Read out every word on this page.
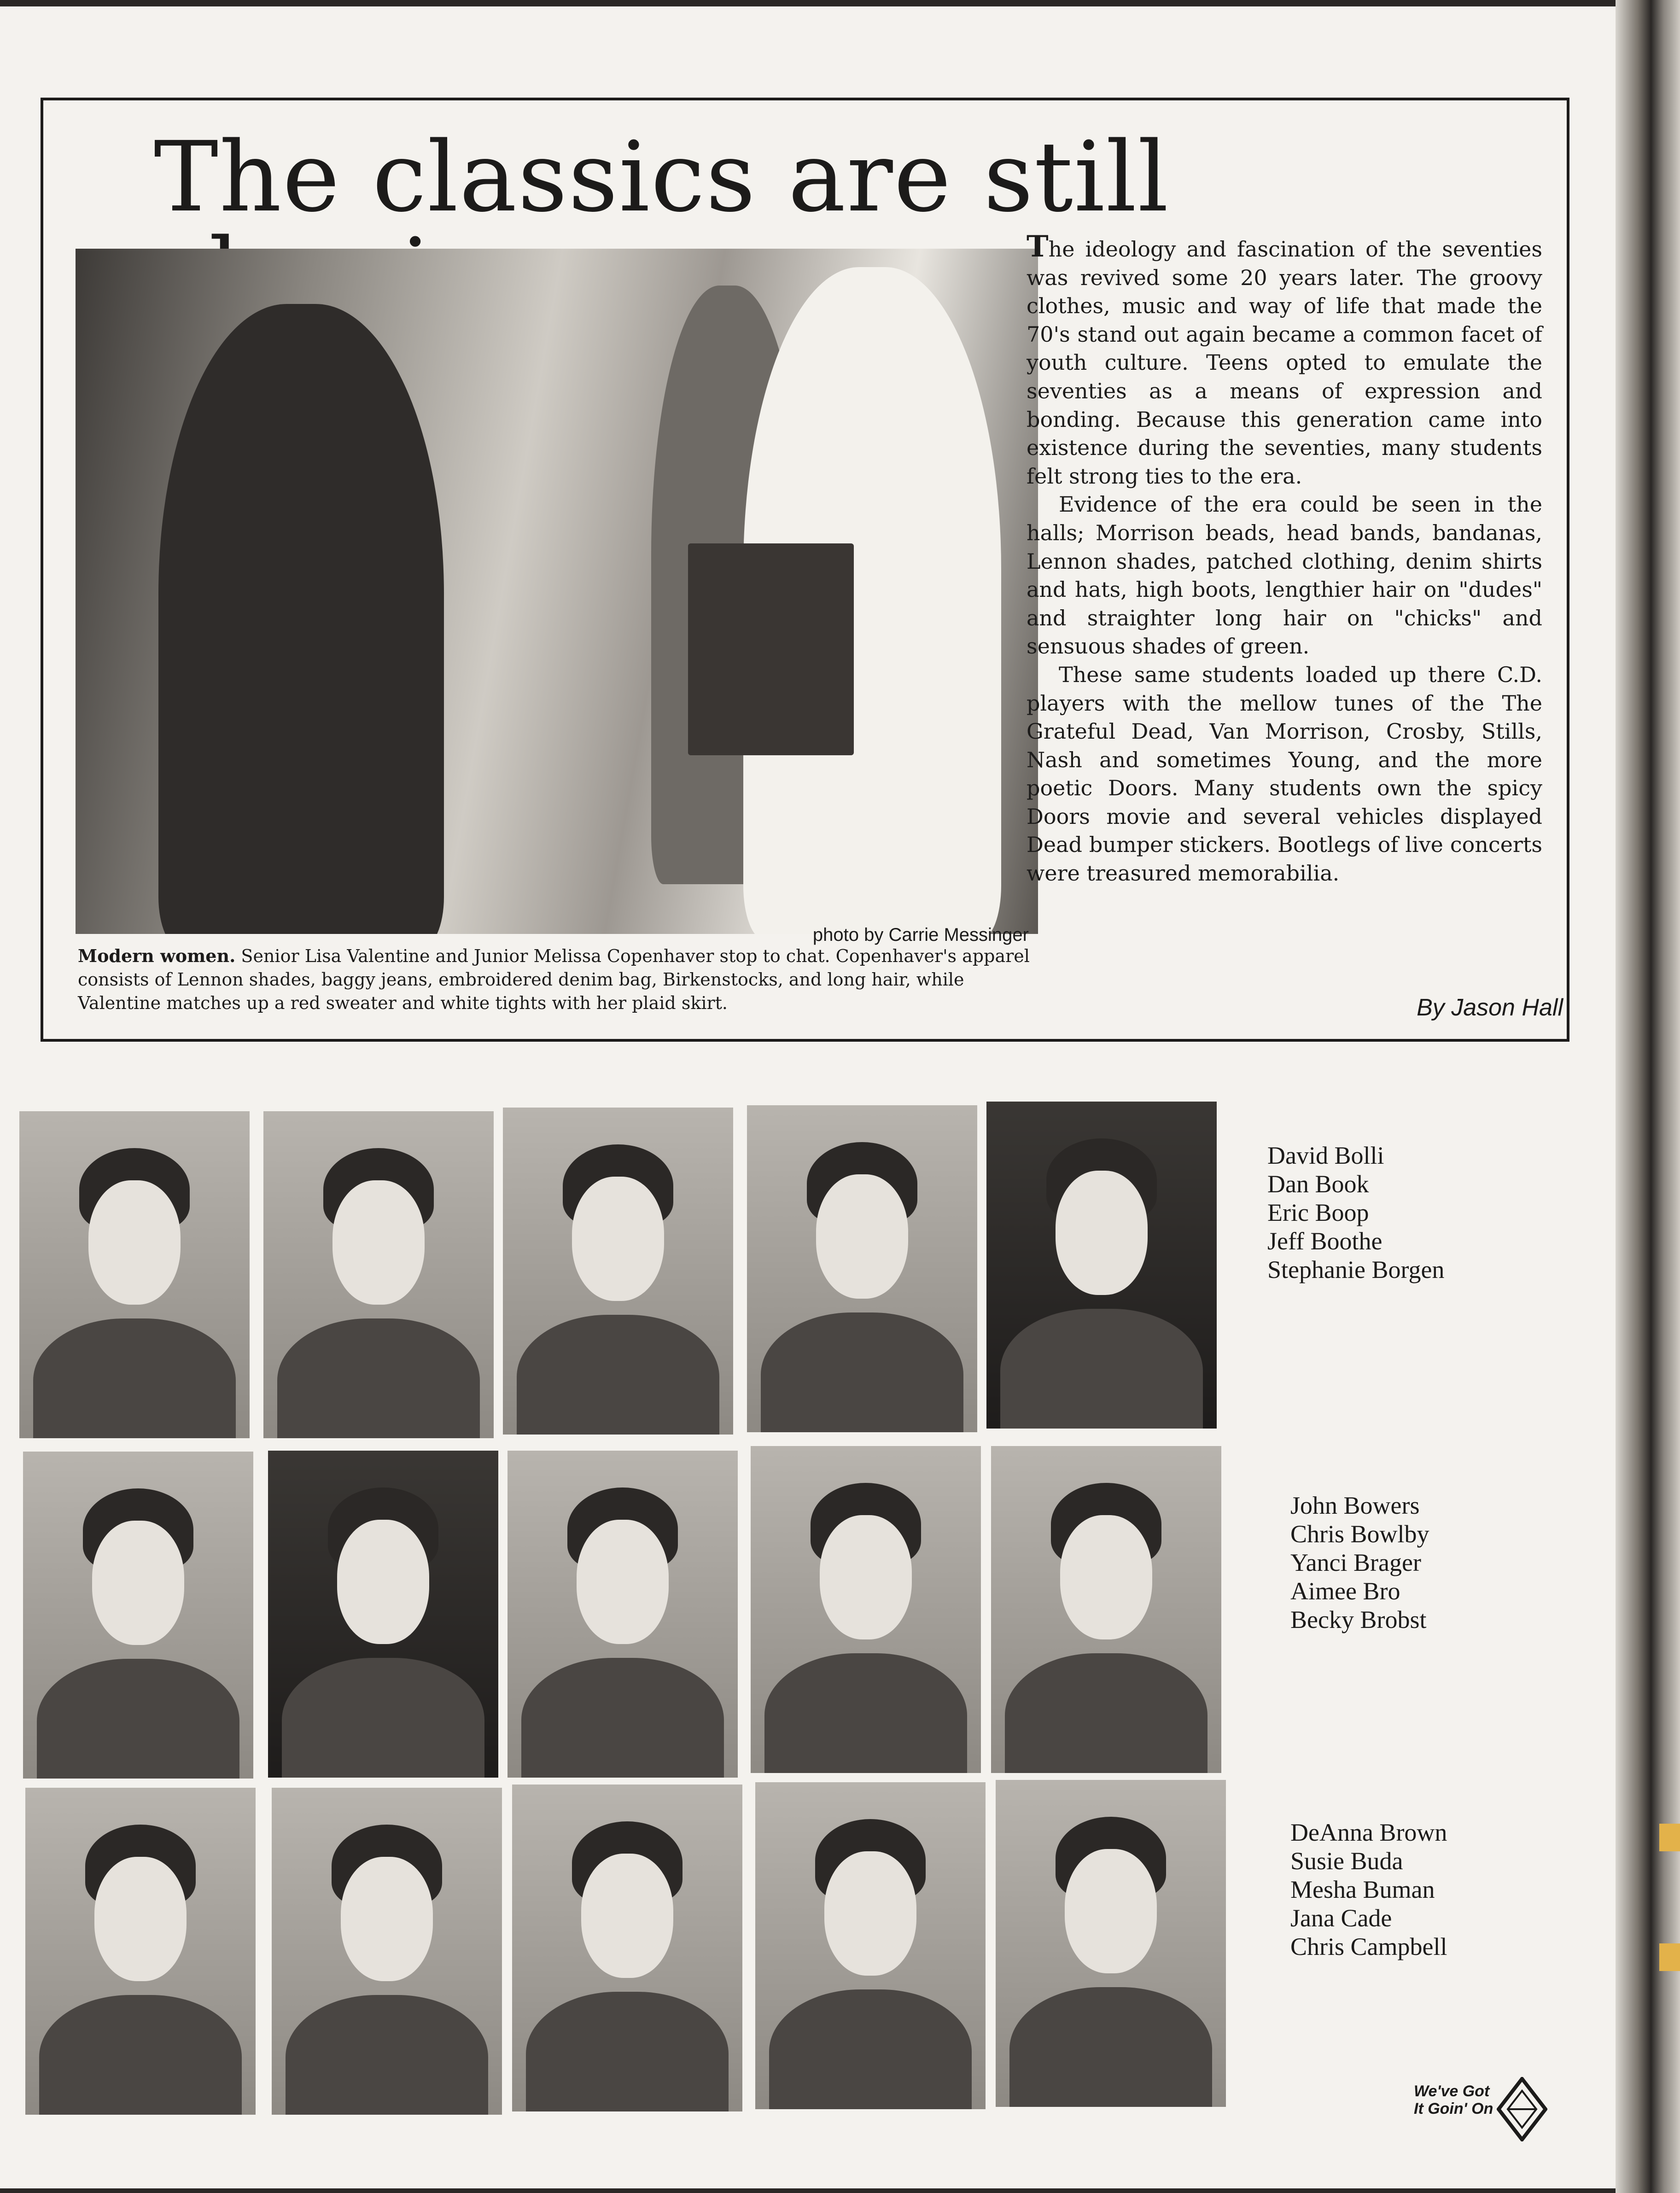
The classics are still
photo by Carrie Messinger
Modern women. Senior Lisa Valentine and Junior Melissa Copenhaver stop to chat. Copenhaver's apparel consists of Lennon shades, baggy jeans, embroidered denim bag, Birkenstocks, and long hair, while Valentine matches up a red sweater and white tights with her plaid skirt.

The ideology and fascination of the seventies was revived some 20 years later. The groovy clothes, music and way of life that made the 70's stand out again became a common facet of youth culture. Teens opted to emulate the seventies as a means of expression and bonding. Because this generation came into existence during the seventies, many students felt strong ties to the era.

Evidence of the era could be seen in the halls; Morrison beads, head bands, bandanas, Lennon shades, patched clothing, denim shirts and hats, high boots, lengthier hair on "dudes" and straighter long hair on "chicks" and sensuous shades of green.

These same students loaded up there C.D. players with the mellow tunes of the The Grateful Dead, Van Morrison, Crosby, Stills, Nash and sometimes Young, and the more poetic Doors. Many students own the spicy Doors movie and several vehicles displayed Dead bumper stickers. Bootlegs of live concerts were treasured memorabilia.

By Jason Hall
David Bolli
Dan Book
Eric Boop
Jeff Boothe
Stephanie Borgen
John Bowers
Chris Bowlby
Yanci Brager
Aimee Bro
Becky Brobst
DeAnna Brown
Susie Buda
Mesha Buman
Jana Cade
Chris Campbell
We've Got
It Goin' On
